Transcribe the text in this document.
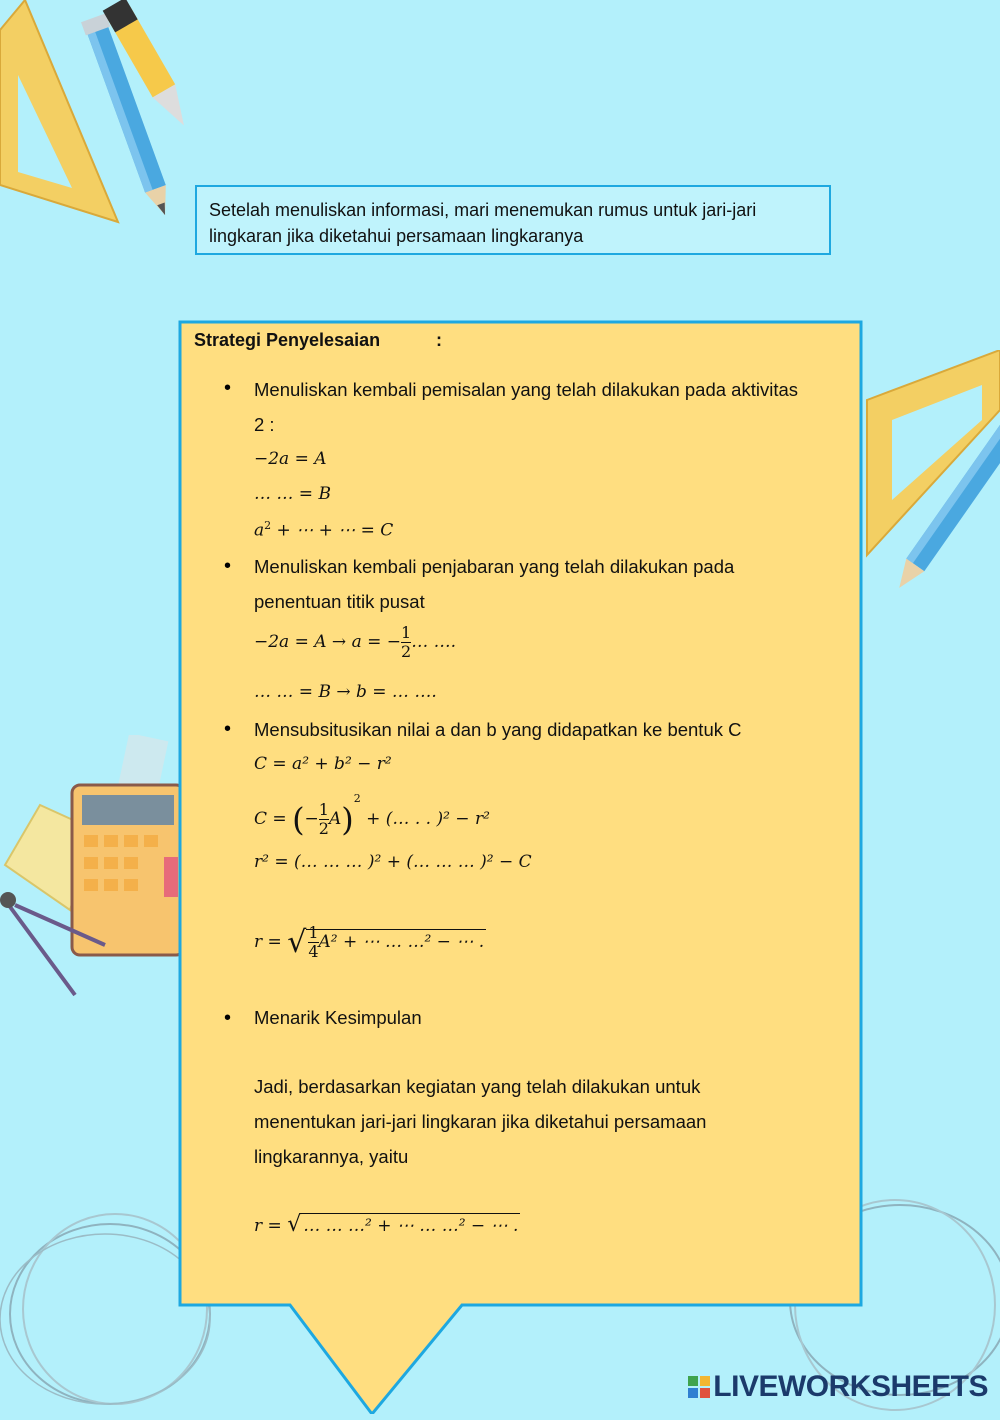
Setelah menuliskan informasi, mari menemukan rumus untuk jari-jari lingkaran jika diketahui persamaan lingkaranya
Strategi Penyelesaian	:
• Menuliskan kembali pemisalan yang telah dilakukan pada aktivitas
2 :
−2a = A
… … = B
$a^2$ + ⋯ + ⋯ = C
• Menuliskan kembali penjabaran yang telah dilakukan pada
penentuan titik pusat
−2a = A → a = − $\frac{1}{2}$ … ….
… … = B → b = … ….
• Mensubsitusikan nilai a dan b yang didapatkan ke bentuk C
C = a² + b² − r²
C = (− $\frac{1}{2} A)^2$ + (… . . )² − r²
r² = (… … … )² + (… … … )² − C
r = √ $\frac{1}{4} A^2$ + ⋯ … …² − ⋯ .
• Menarik Kesimpulan
Jadi, berdasarkan kegiatan yang telah dilakukan untuk
menentukan jari-jari lingkaran jika diketahui persamaan
lingkarannya, yaitu
r = √ … … …² + ⋯ … …² − ⋯ .
LIVEWORKSHEETS
